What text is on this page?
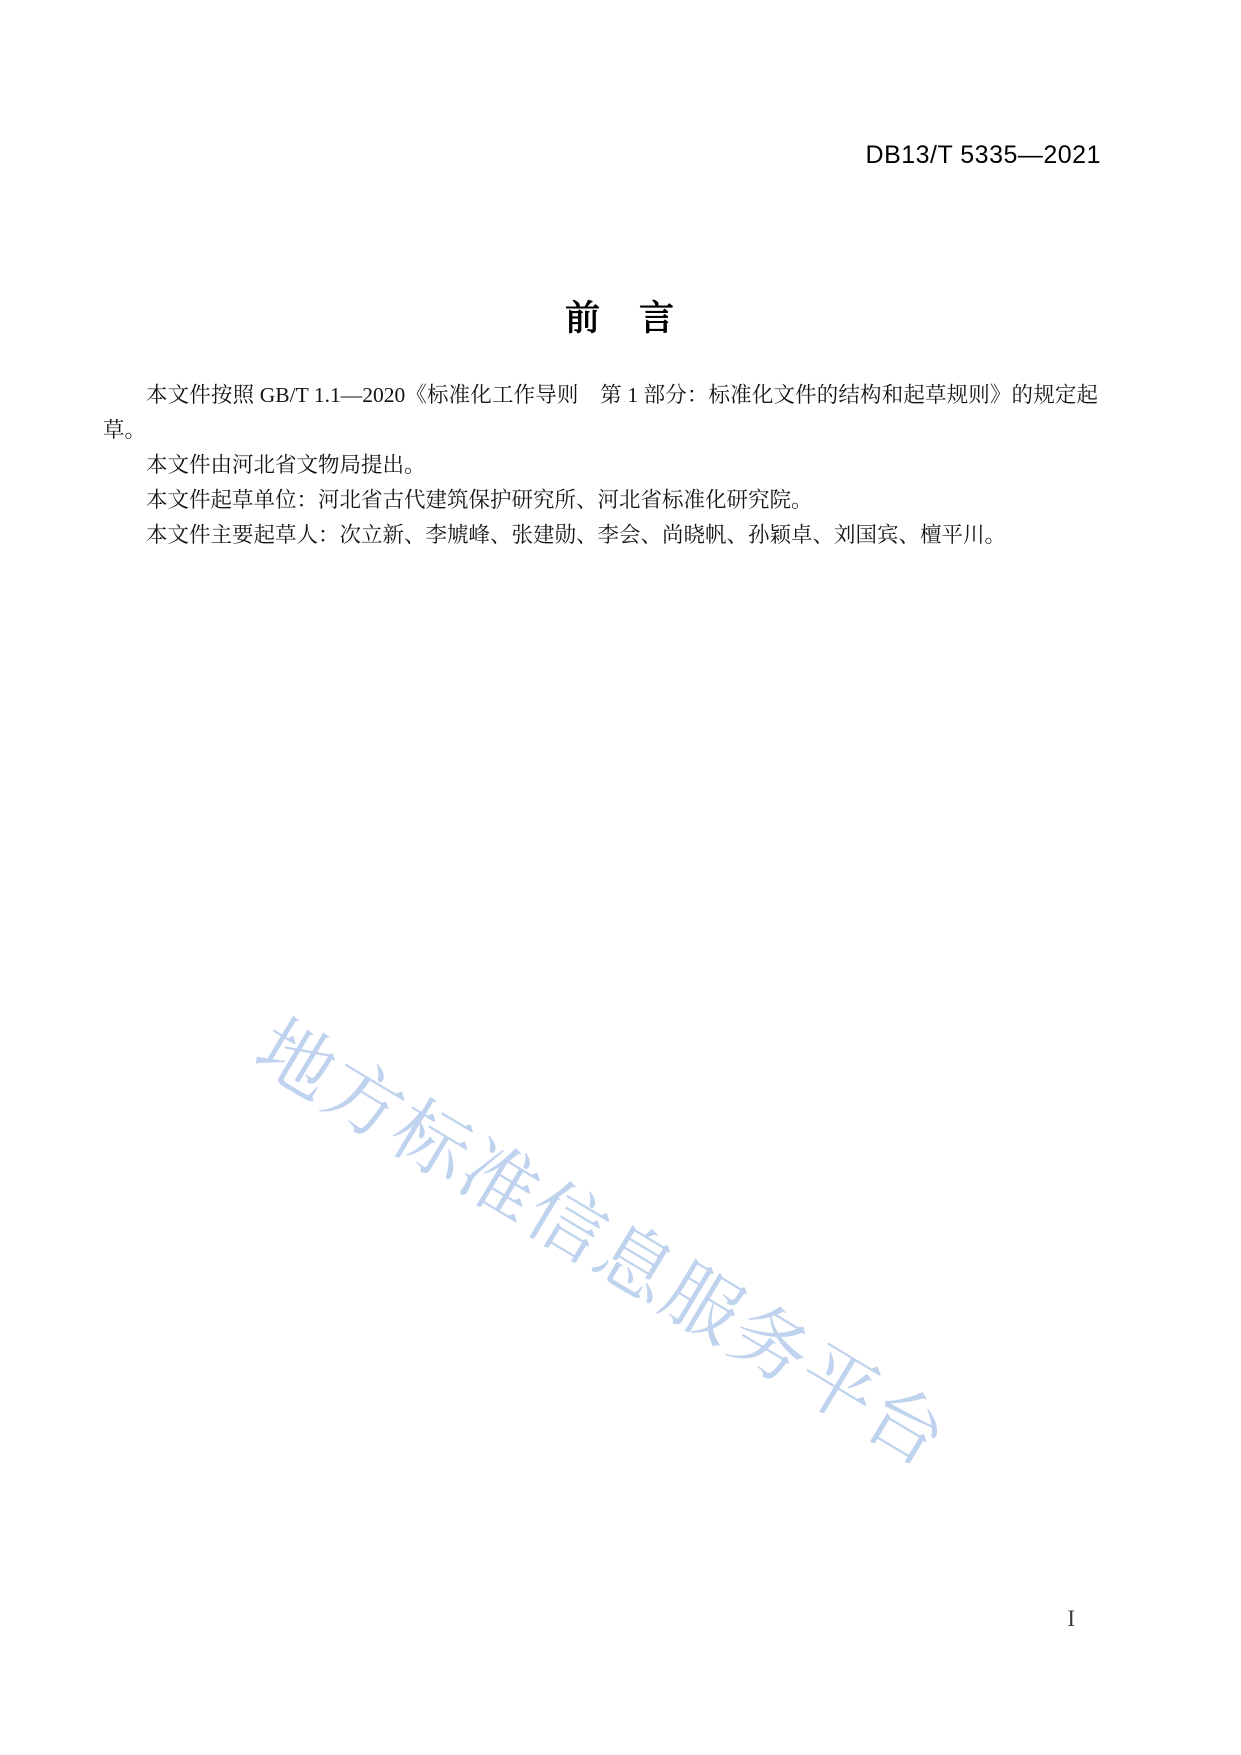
DB13/T 5335—2021
前　言

本文件按照 GB/T 1.1—2020《标准化工作导则　第 1 部分：标准化文件的结构和起草规则》的规定起草。

本文件由河北省文物局提出。

本文件起草单位：河北省古代建筑保护研究所、河北省标准化研究院。

本文件主要起草人：次立新、李虓峰、张建勋、李会、尚晓帆、孙颖卓、刘国宾、檀平川。

地方标准信息服务平台
I
